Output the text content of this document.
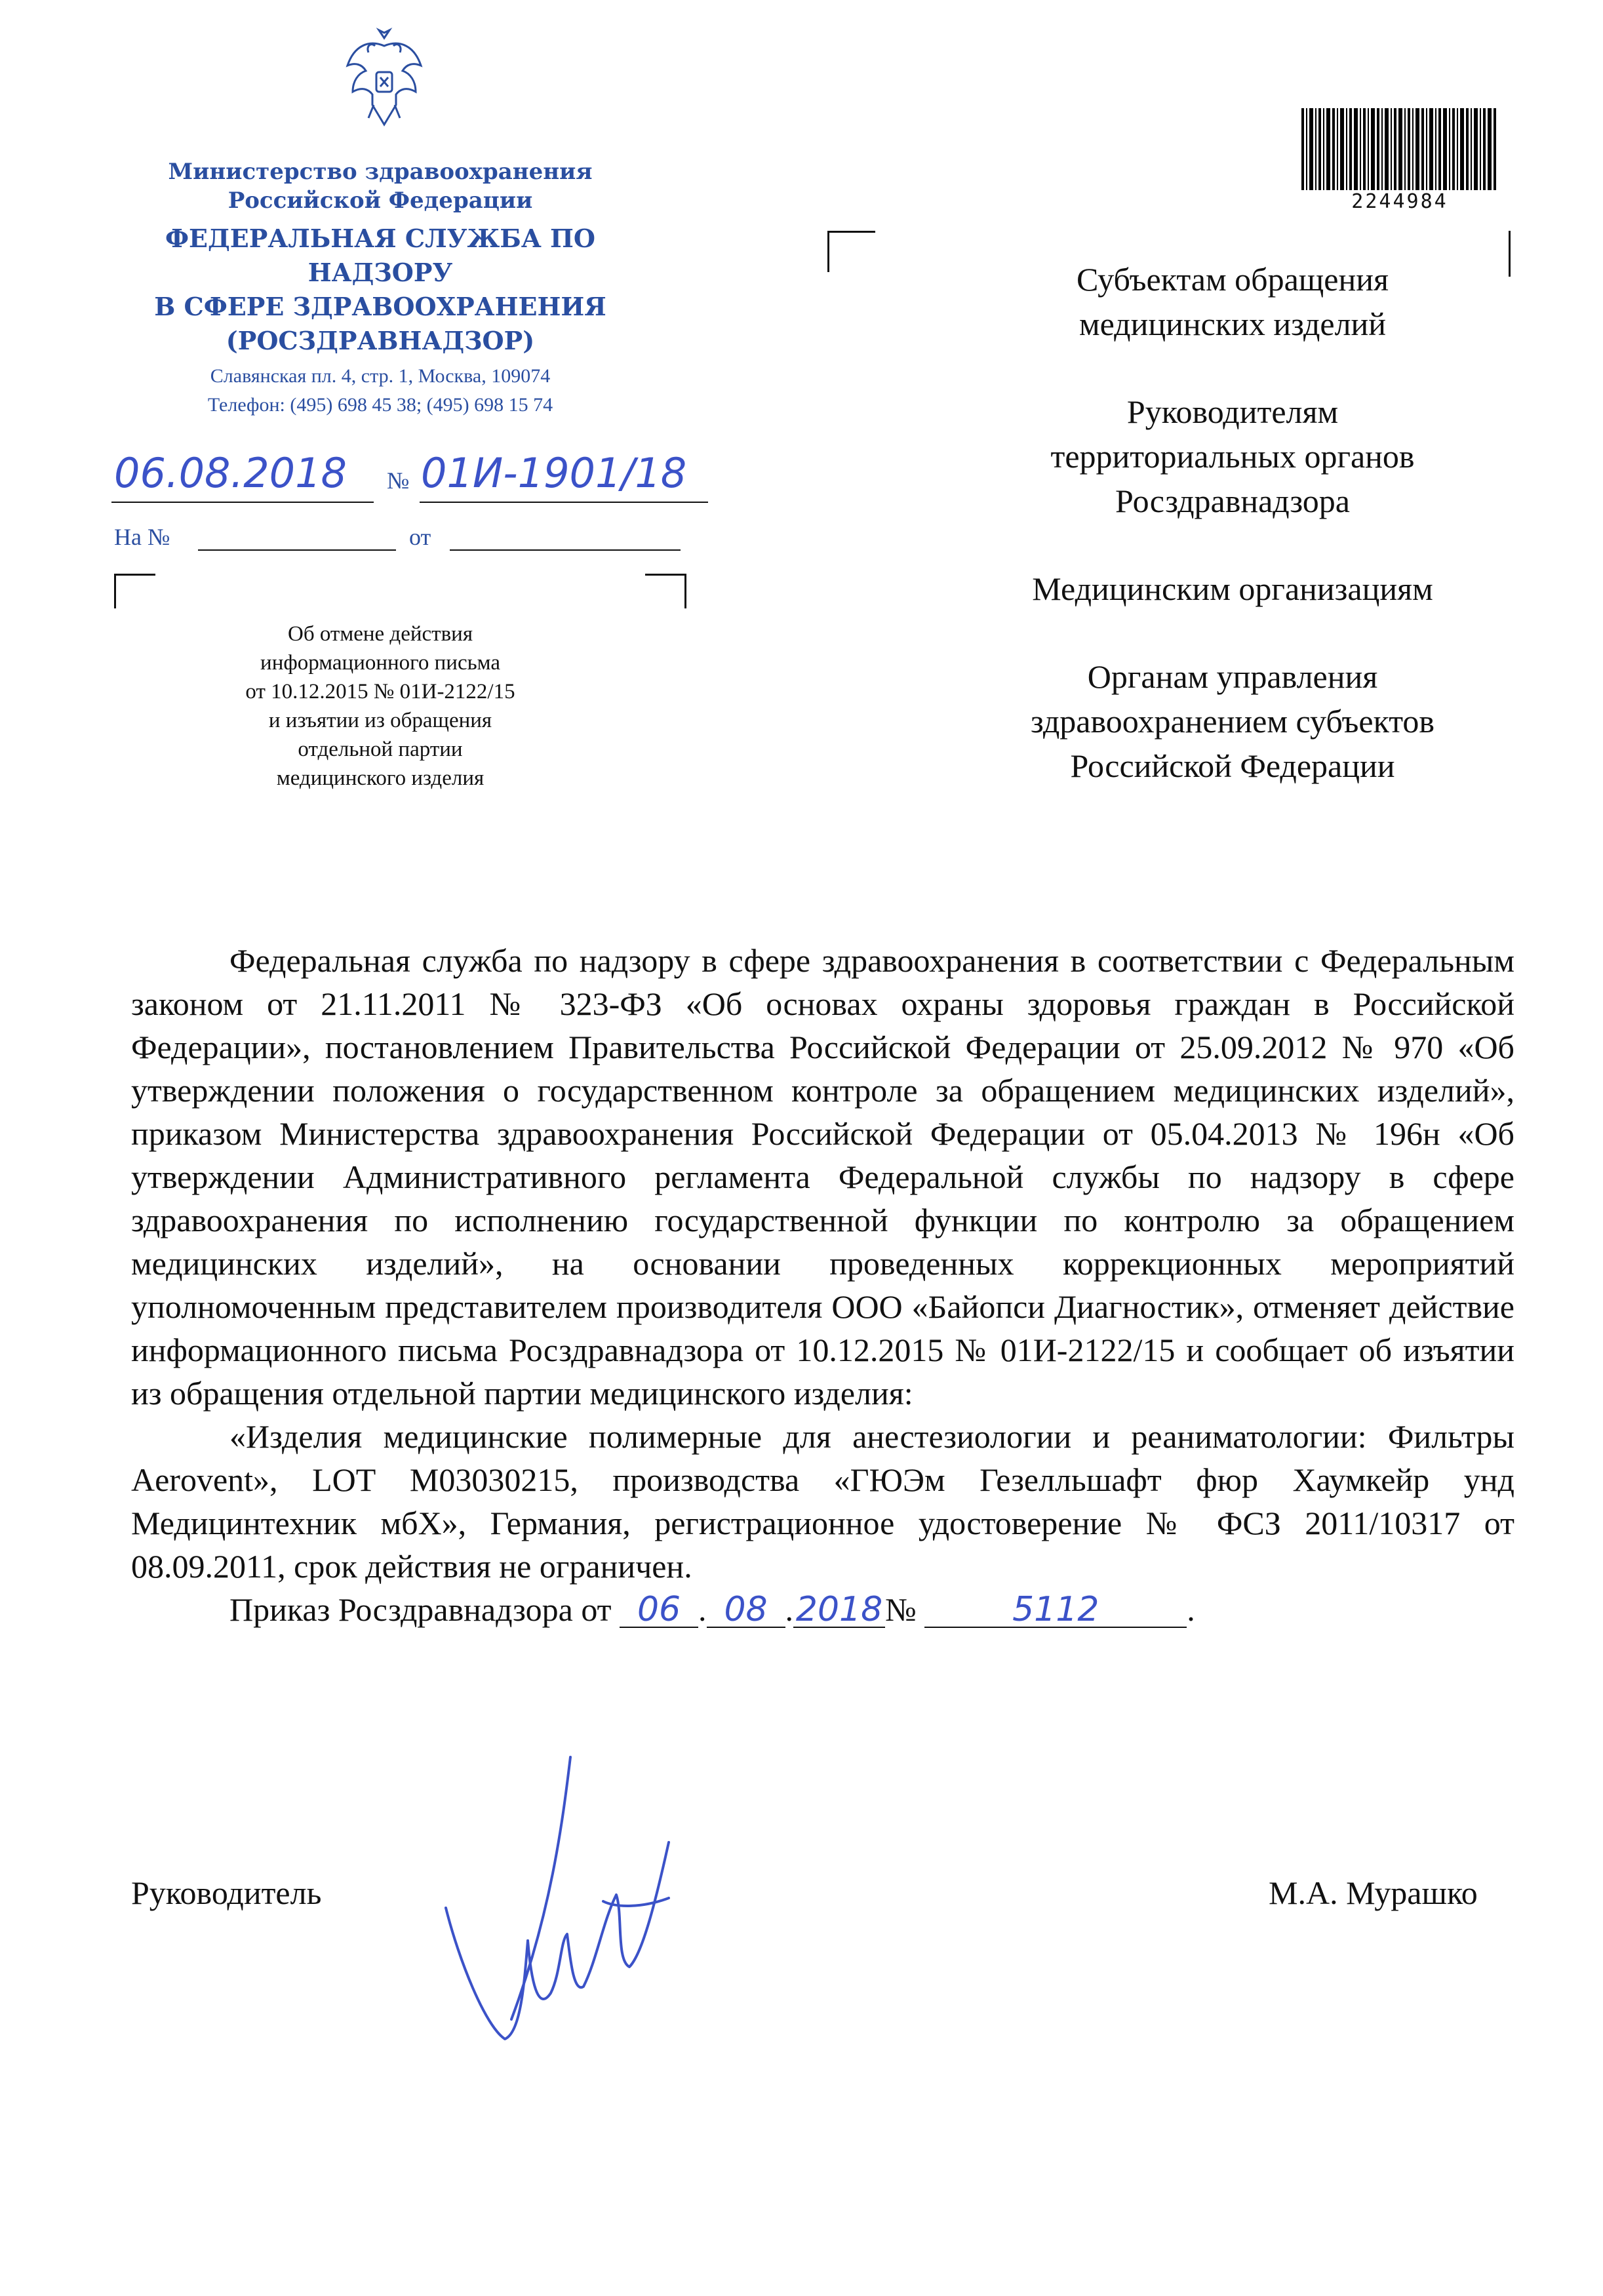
Министерство здравоохранения
Российской Федерации
ФЕДЕРАЛЬНАЯ СЛУЖБА ПО НАДЗОРУ
В СФЕРЕ ЗДРАВООХРАНЕНИЯ
(РОСЗДРАВНАДЗОР)
Славянская пл. 4, стр. 1, Москва, 109074
Телефон: (495) 698 45 38; (495) 698 15 74
06.08.2018 № 01И-1901/18
На №	от
Об отмене действия
информационного письма
от 10.12.2015 № 01И-2122/15
и изъятии из обращения
отдельной партии
медицинского изделия
2244984
Субъектам обращения
медицинских изделий
Руководителям
территориальных органов
Росздравнадзора
Медицинским организациям
Органам управления
здравоохранением субъектов
Российской Федерации

Федеральная служба по надзору в сфере здравоохранения в соответствии с Федеральным законом от 21.11.2011 № 323-ФЗ «Об основах охраны здоровья граждан в Российской Федерации», постановлением Правительства Российской Федерации от 25.09.2012 № 970 «Об утверждении положения о государственном контроле за обращением медицинских изделий», приказом Министерства здравоохранения Российской Федерации от 05.04.2013 № 196н «Об утверждении Административного регламента Федеральной службы по надзору в сфере здравоохранения по исполнению государственной функции по контролю за обращением медицинских изделий», на основании проведенных коррекционных мероприятий уполномоченным представителем производителя ООО «Байопси Диагностик», отменяет действие информационного письма Росздравнадзора от 10.12.2015 № 01И-2122/15 и сообщает об изъятии из обращения отдельной партии медицинского изделия:

«Изделия медицинские полимерные для анестезиологии и реаниматологии: Фильтры Aerovent», LOT M03030215, производства «ГЮЭм Гезелльшафт фюр Хаумкейр унд Медицинтехник мбХ», Германия, регистрационное удостоверение № ФСЗ 2011/10317 от 08.09.2011, срок действия не ограничен.

Приказ Росздравнадзора от 06 . 08 .2018№	5112	.
Руководитель	М.А. Мурашко
